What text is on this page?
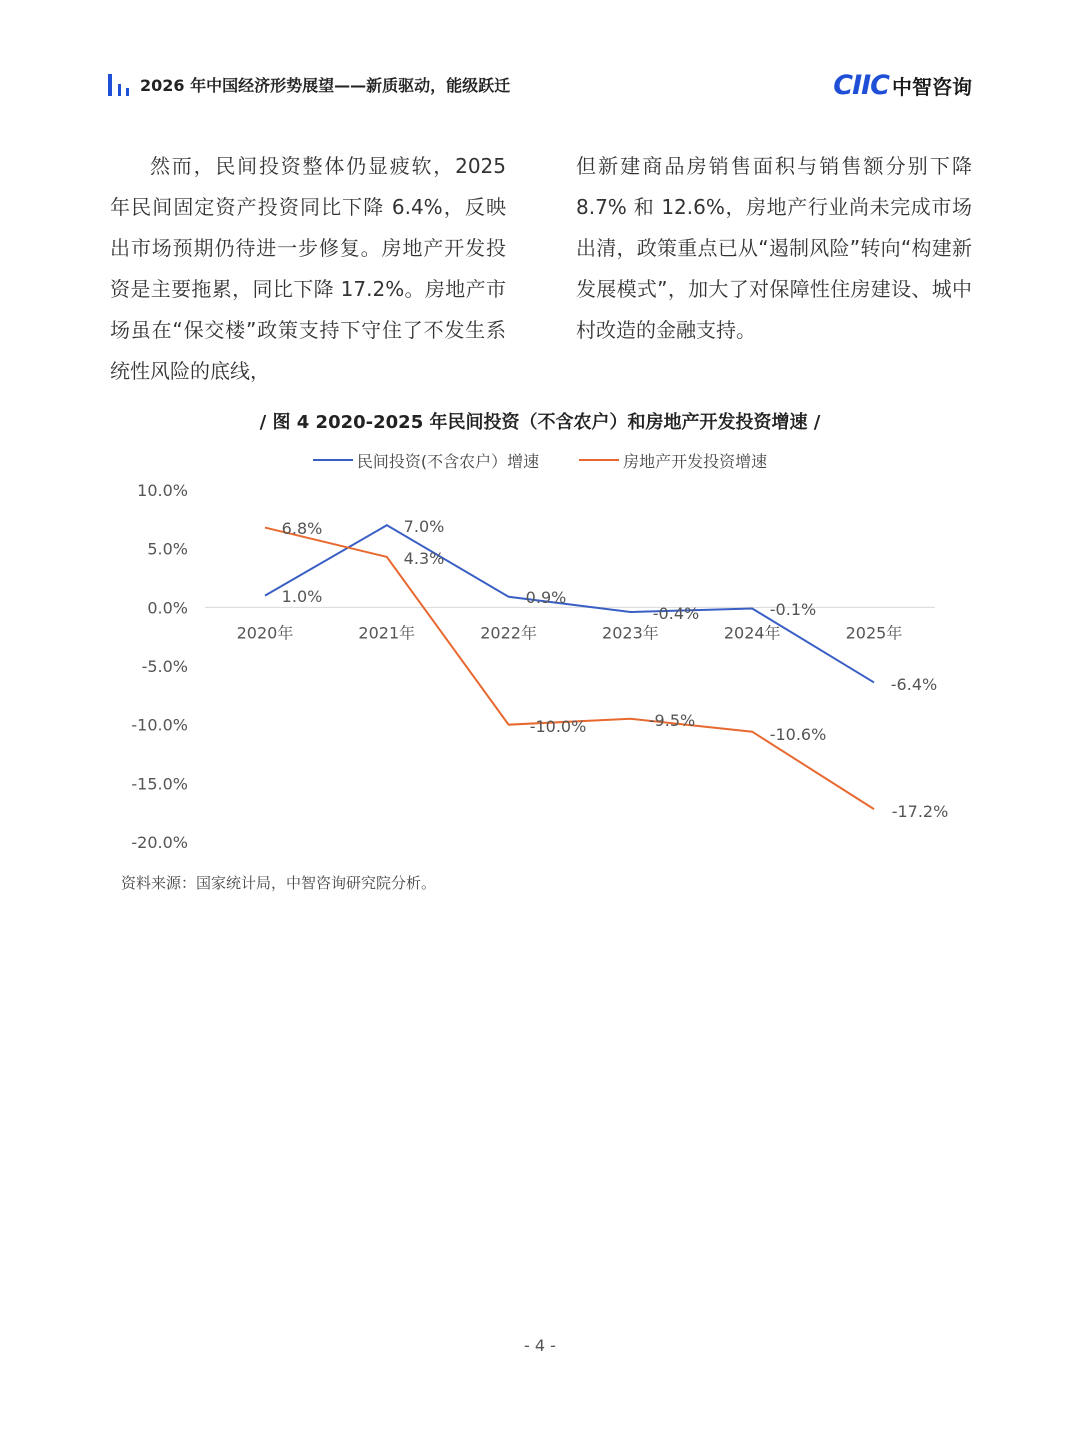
2026 年中国经济形势展望——新质驱动，能级跃迁	CIIC 中智咨询

然而，民间投资整体仍显疲软，2025 年民间固定资产投资同比下降 6.4%，反映出市场预期仍待进一步修复。房地产开发投资是主要拖累，同比下降 17.2%。房地产市场虽在“保交楼”政策支持下守住了不发生系统性风险的底线，

但新建商品房销售面积与销售额分别下降 8.7% 和 12.6%，房地产行业尚未完成市场出清，政策重点已从“遏制风险”转向“构建新发展模式”，加大了对保障性住房建设、城中村改造的金融支持。

/ 图 4 2020-2025 年民间投资（不含农户）和房地产开发投资增速 /
民间投资(不含农户）增速	房地产开发投资增速
10.0%
5.0%
0.0%
-5.0%
-10.0%
-15.0%
-20.0%
2020年	2021年	2022年	2023年	2024年	2025年
1.0%
7.0%
0.9%
-0.4%	-0.1%
-6.4%
6.8%
4.3%
-10.0%	-9.5%
-10.6%
-17.2%
资料来源：国家统计局，中智咨询研究院分析。
- 4 -
